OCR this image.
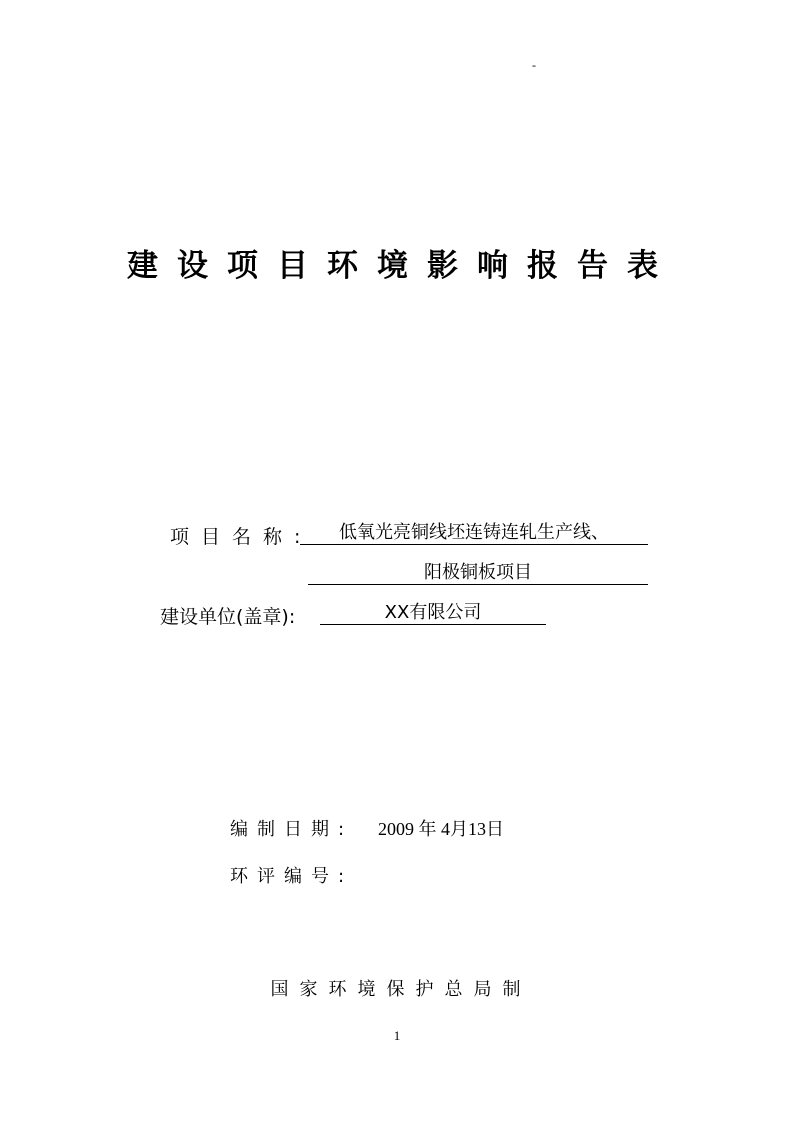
-
建设项目环境影响报告表
项目名称:	低氧光亮铜线坯连铸连轧生产线、
阳极铜板项目
建设单位(盖章):	XX有限公司
编制日期: 2009 年 4月13日
环评编号:
国家环境保护总局制
1
